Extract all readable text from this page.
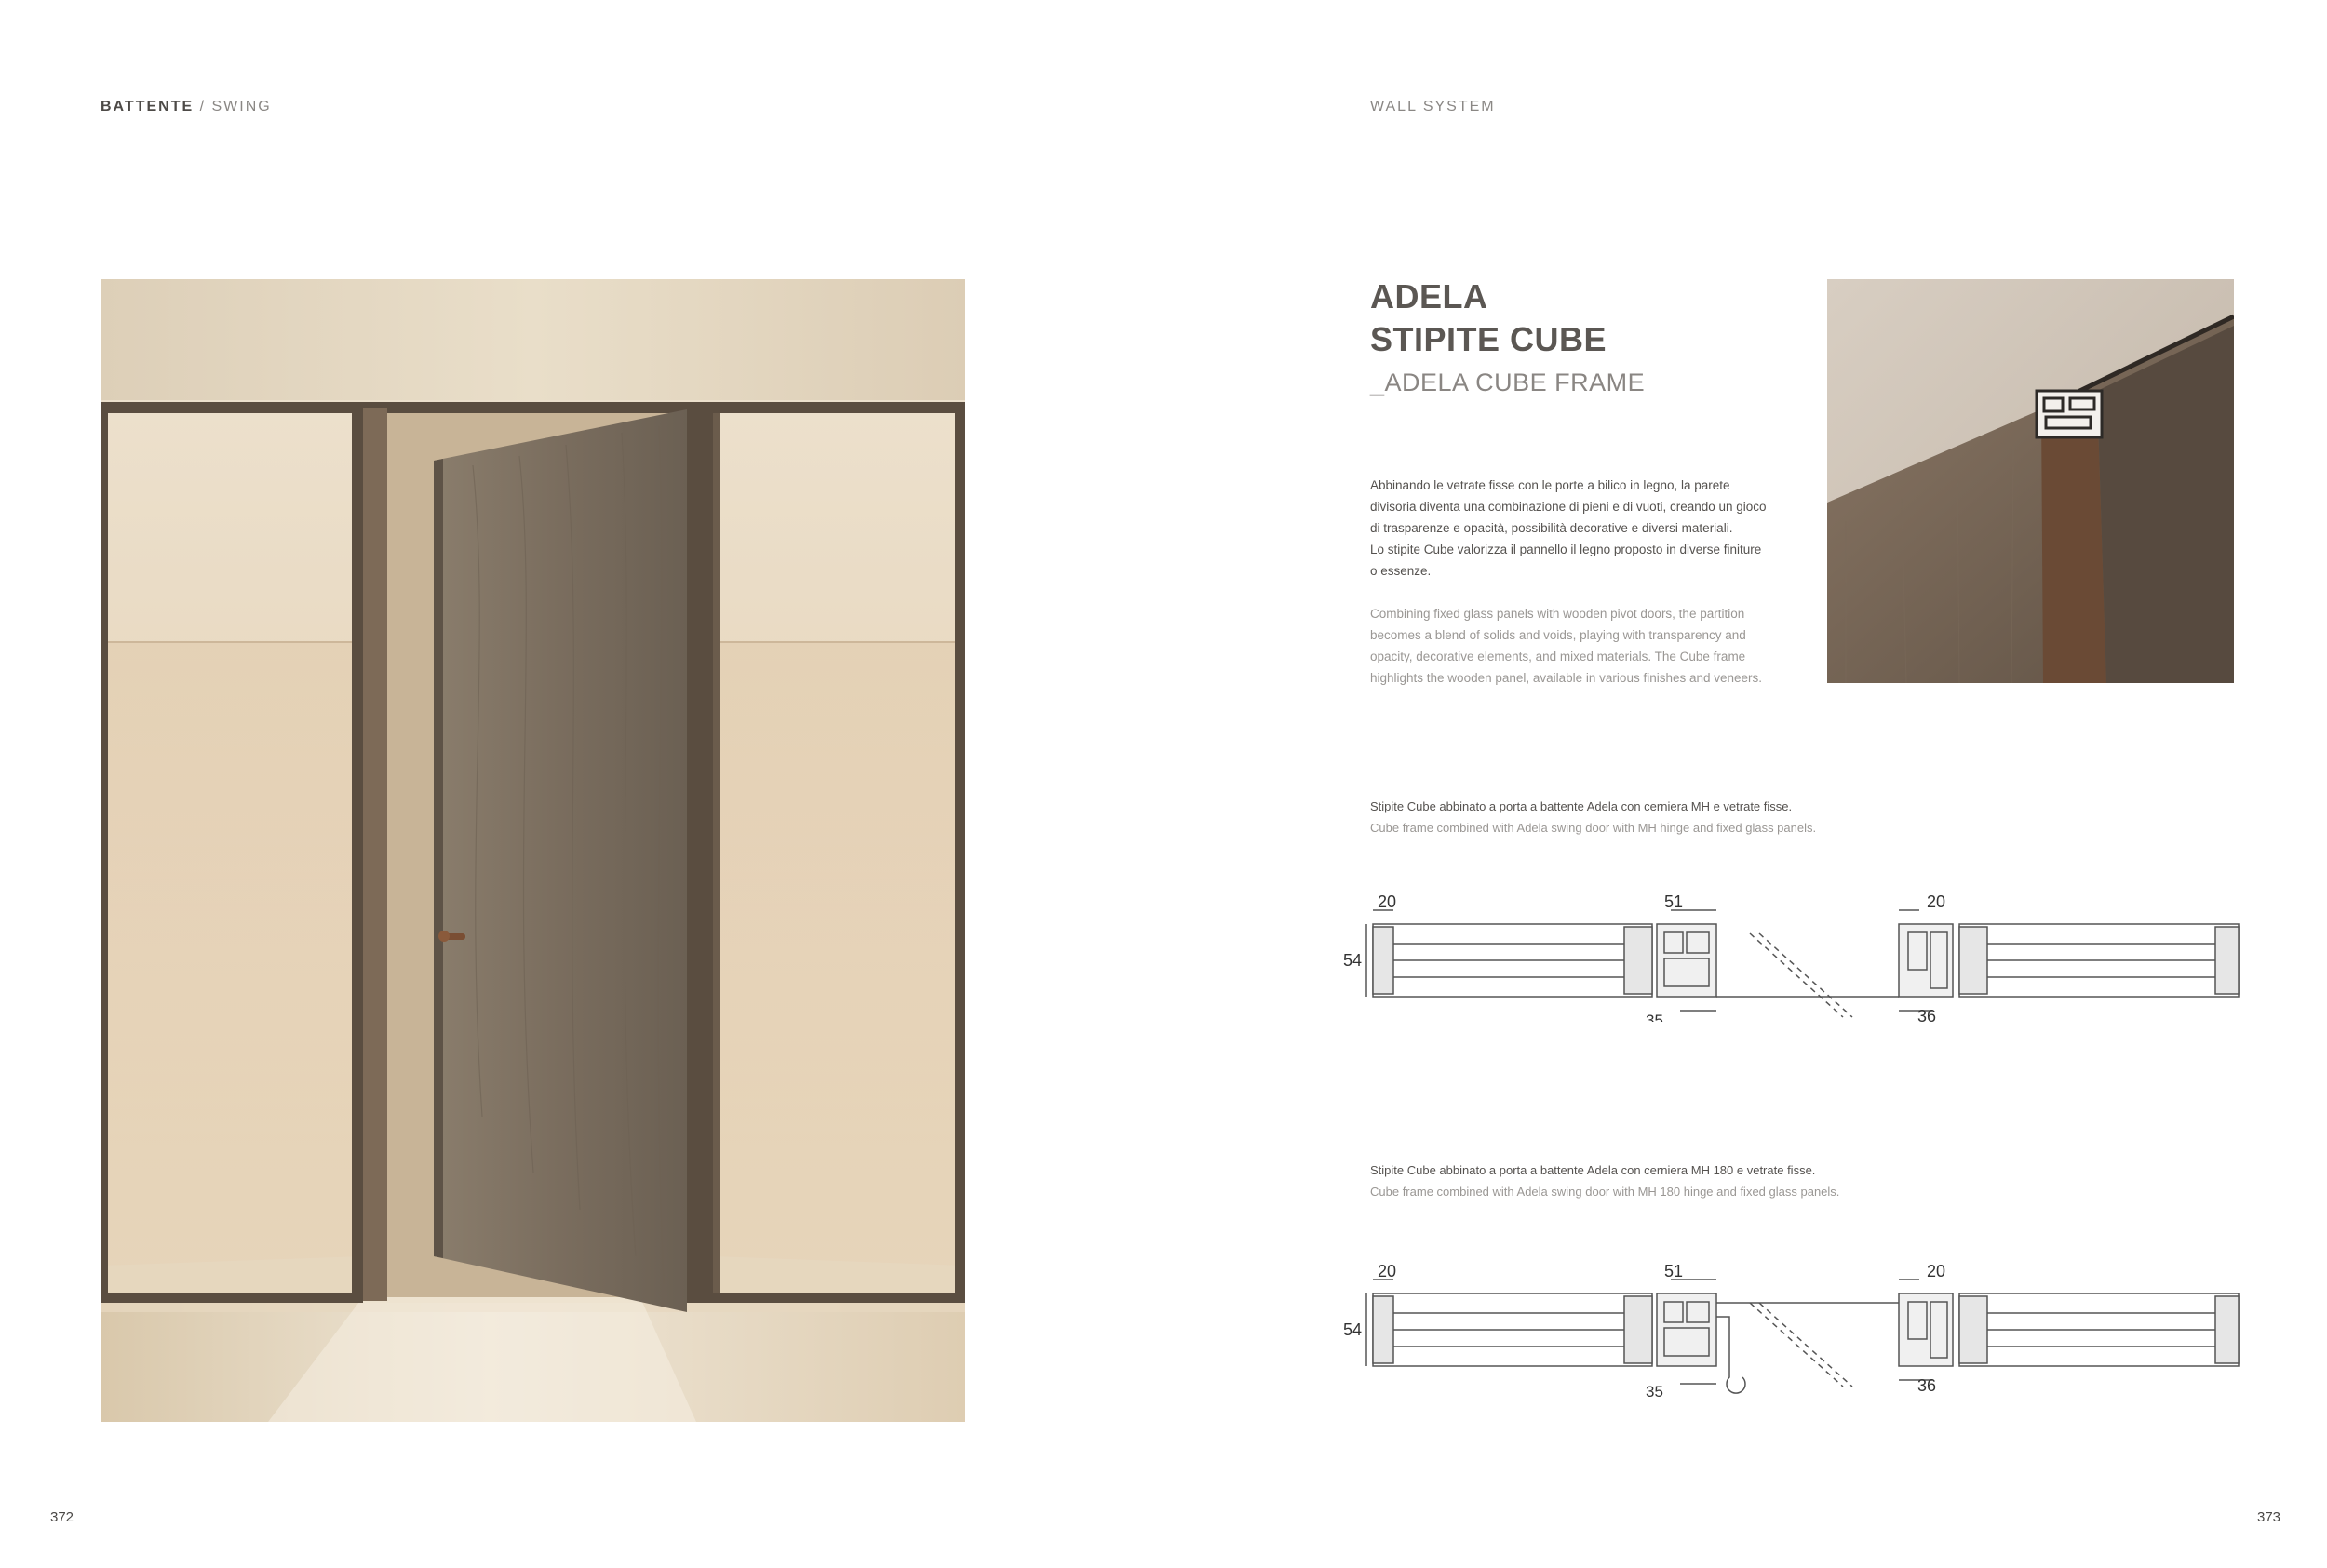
BATTENTE / SWING	WALL SYSTEM
ADELA
STIPITE CUBE
_ADELA CUBE FRAME
Abbinando le vetrate fisse con le porte a bilico in legno, la parete
divisoria diventa una combinazione di pieni e di vuoti, creando un gioco
di trasparenze e opacità, possibilità decorative e diversi materiali.
Lo stipite Cube valorizza il pannello il legno proposto in diverse finiture
o essenze.
Combining fixed glass panels with wooden pivot doors, the partition
becomes a blend of solids and voids, playing with transparency and
opacity, decorative elements, and mixed materials. The Cube frame
highlights the wooden panel, available in various finishes and veneers.
Stipite Cube abbinato a porta a battente Adela con cerniera MH e vetrate fisse.
Cube frame combined with Adela swing door with MH hinge and fixed glass panels.
20
54
51
35
20
36
Stipite Cube abbinato a porta a battente Adela con cerniera MH 180 e vetrate fisse.
Cube frame combined with Adela swing door with MH 180 hinge and fixed glass panels.
20
54
51
35
20
36
372	373
